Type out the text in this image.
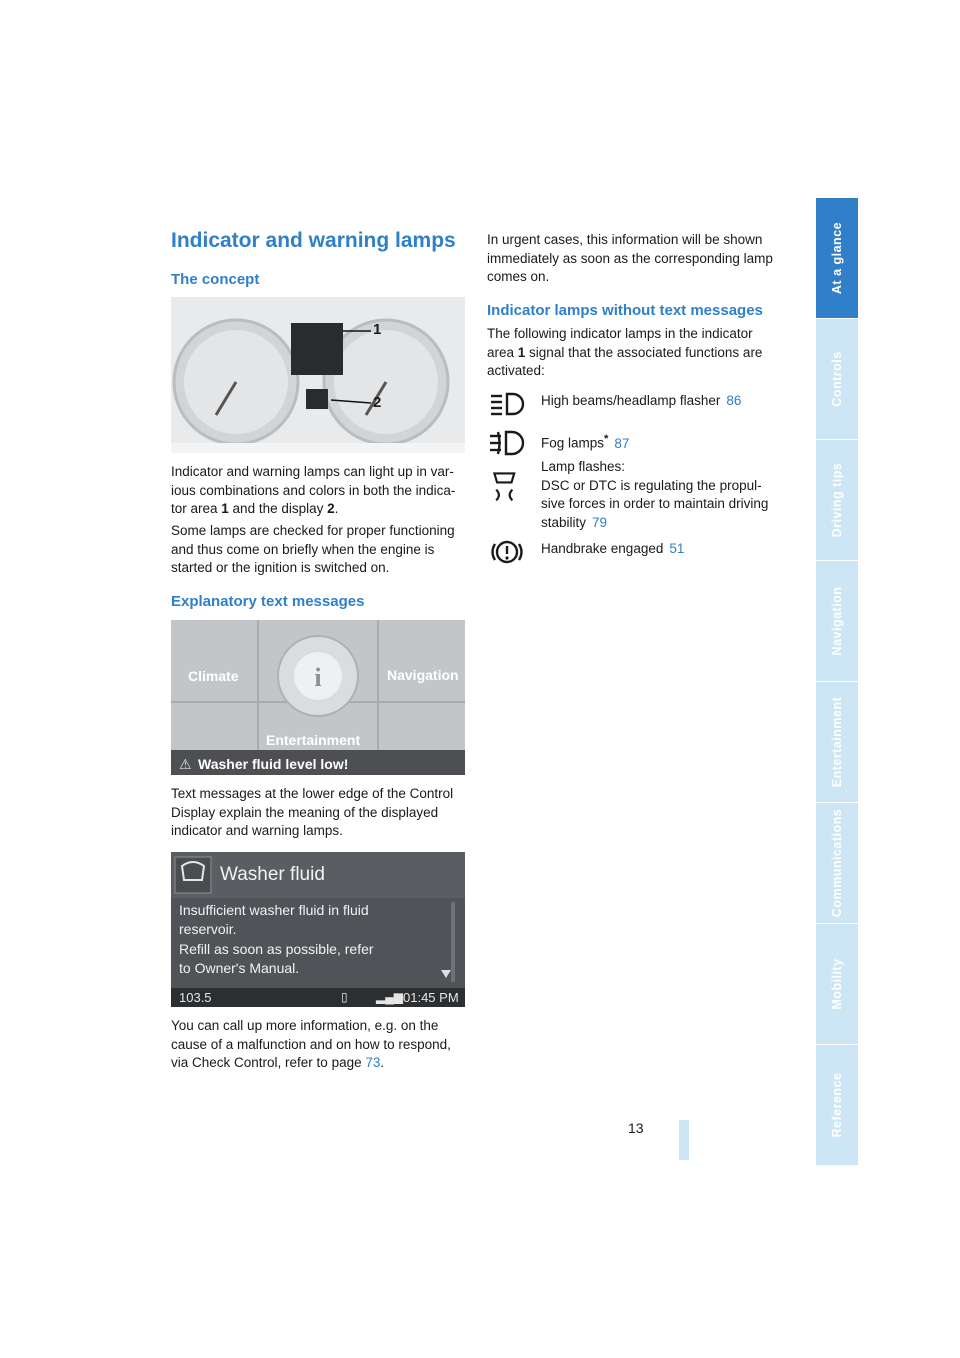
Indicator and warning lamps
The concept
1
2

Indicator and warning lamps can light up in var-
ious combinations and colors in both the indica-
tor area 1 and the display 2.

Some lamps are checked for proper functioning
and thus come on briefly when the engine is
started or the ignition is switched on.

Explanatory text messages
i
Climate	Navigation
Entertainment
⚠ Washer fluid level low!

Text messages at the lower edge of the Control
Display explain the meaning of the displayed
indicator and warning lamps.

Washer fluid
Insufficient washer fluid in fluid
reservoir.
Refill as soon as possible, refer
to Owner's Manual.
103.5	▯ ▂▄▆ 01:45 PM

You can call up more information, e.g. on the
cause of a malfunction and on how to respond,
via Check Control, refer to page 73.

In urgent cases, this information will be shown
immediately as soon as the corresponding lamp
comes on.

Indicator lamps without text messages

The following indicator lamps in the indicator
area 1 signal that the associated functions are
activated:

High beams/headlamp flasher 86
Fog lamps* 87
Lamp flashes:
DSC or DTC is regulating the propul-
sive forces in order to maintain driving
stability 79
Handbrake engaged 51
At a glance
Controls
Driving tips
Navigation
Entertainment
Communications
Mobility
Reference
13
